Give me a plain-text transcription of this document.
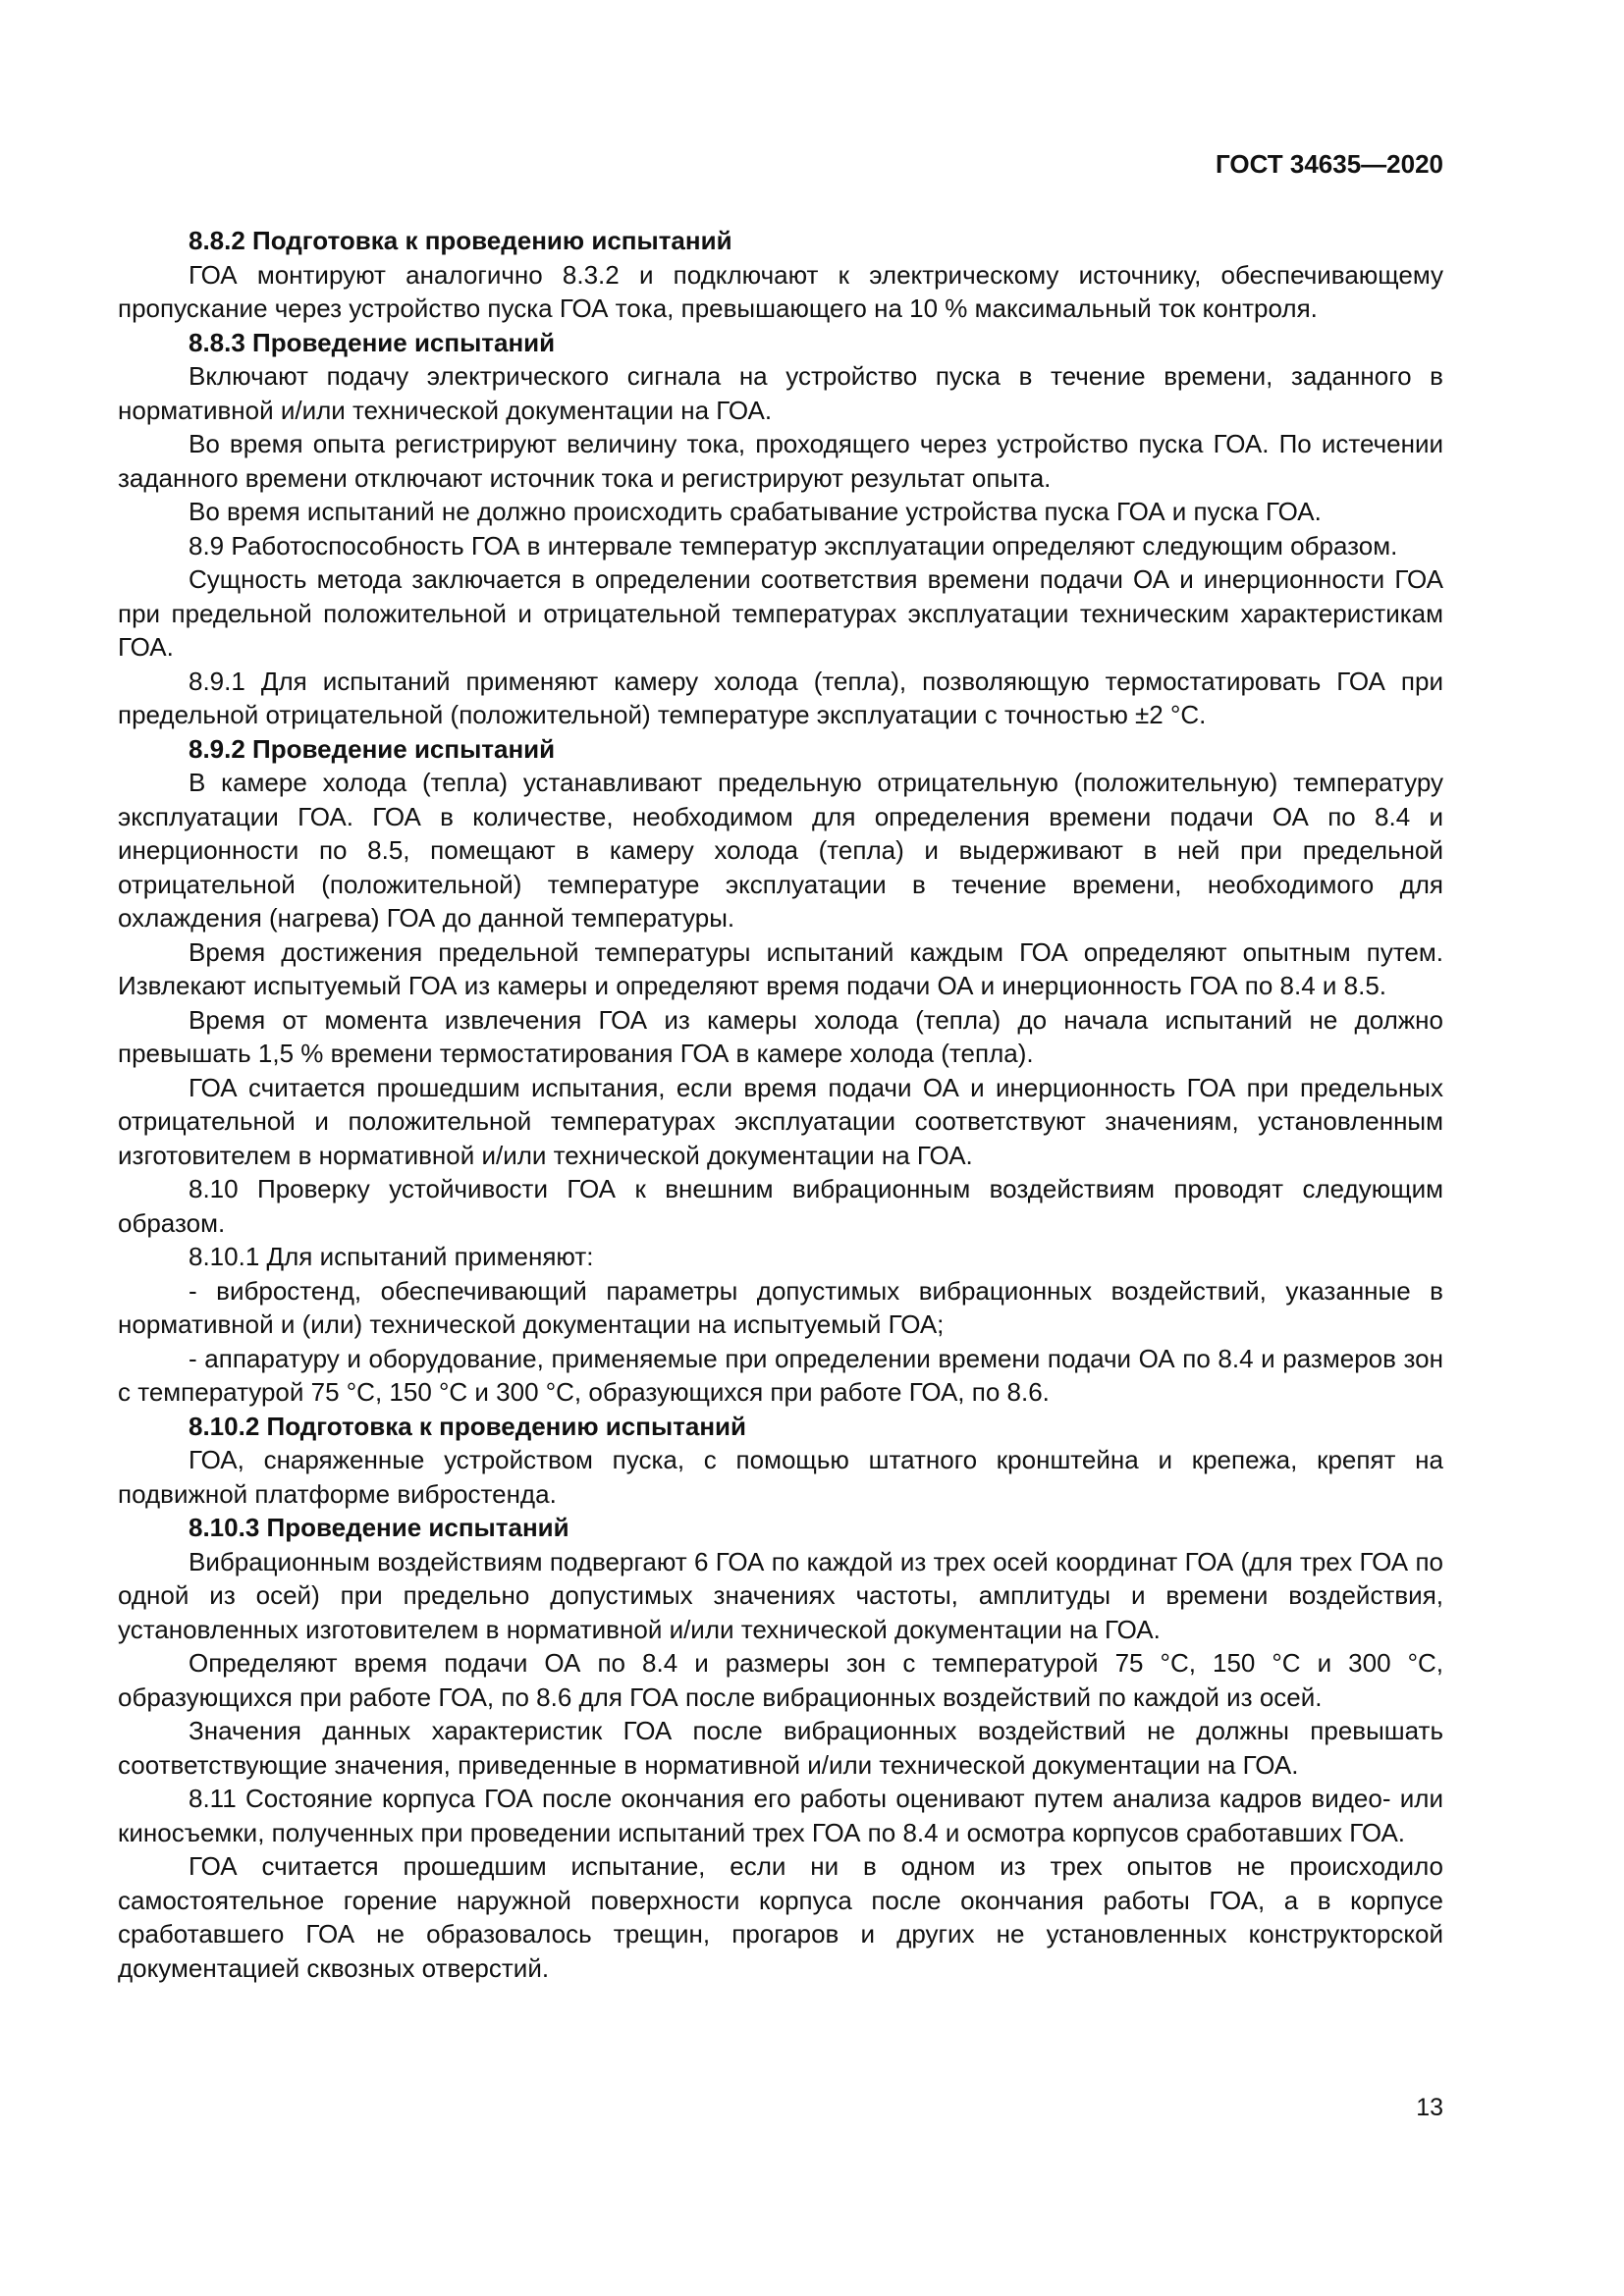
ГОСТ 34635—2020

8.8.2 Подготовка к проведению испытаний

ГОА монтируют аналогично 8.3.2 и подключают к электрическому источнику, обеспечивающему пропускание через устройство пуска ГОА тока, превышающего на 10 % максимальный ток контроля.

8.8.3 Проведение испытаний

Включают подачу электрического сигнала на устройство пуска в течение времени, заданного в нормативной и/или технической документации на ГОА.

Во время опыта регистрируют величину тока, проходящего через устройство пуска ГОА. По истечении заданного времени отключают источник тока и регистрируют результат опыта.

Во время испытаний не должно происходить срабатывание устройства пуска ГОА и пуска ГОА.

8.9 Работоспособность ГОА в интервале температур эксплуатации определяют следующим образом.

Сущность метода заключается в определении соответствия времени подачи ОА и инерционности ГОА при предельной положительной и отрицательной температурах эксплуатации техническим характеристикам ГОА.

8.9.1 Для испытаний применяют камеру холода (тепла), позволяющую термостатировать ГОА при предельной отрицательной (положительной) температуре эксплуатации с точностью ±2 °С.

8.9.2 Проведение испытаний

В камере холода (тепла) устанавливают предельную отрицательную (положительную) температуру эксплуатации ГОА. ГОА в количестве, необходимом для определения времени подачи ОА по 8.4 и инерционности по 8.5, помещают в камеру холода (тепла) и выдерживают в ней при предельной отрицательной (положительной) температуре эксплуатации в течение времени, необходимого для охлаждения (нагрева) ГОА до данной температуры.

Время достижения предельной температуры испытаний каждым ГОА определяют опытным путем. Извлекают испытуемый ГОА из камеры и определяют время подачи ОА и инерционность ГОА по 8.4 и 8.5.

Время от момента извлечения ГОА из камеры холода (тепла) до начала испытаний не должно превышать 1,5 % времени термостатирования ГОА в камере холода (тепла).

ГОА считается прошедшим испытания, если время подачи ОА и инерционность ГОА при предельных отрицательной и положительной температурах эксплуатации соответствуют значениям, установленным изготовителем в нормативной и/или технической документации на ГОА.

8.10 Проверку устойчивости ГОА к внешним вибрационным воздействиям проводят следующим образом.

8.10.1 Для испытаний применяют:

- вибростенд, обеспечивающий параметры допустимых вибрационных воздействий, указанные в нормативной и (или) технической документации на испытуемый ГОА;

- аппаратуру и оборудование, применяемые при определении времени подачи ОА по 8.4 и размеров зон с температурой 75 °С, 150 °С и 300 °С, образующихся при работе ГОА, по 8.6.

8.10.2 Подготовка к проведению испытаний

ГОА, снаряженные устройством пуска, с помощью штатного кронштейна и крепежа, крепят на подвижной платформе вибростенда.

8.10.3 Проведение испытаний

Вибрационным воздействиям подвергают 6 ГОА по каждой из трех осей координат ГОА (для трех ГОА по одной из осей) при предельно допустимых значениях частоты, амплитуды и времени воздействия, установленных изготовителем в нормативной и/или технической документации на ГОА.

Определяют время подачи ОА по 8.4 и размеры зон с температурой 75 °С, 150 °С и 300 °С, образующихся при работе ГОА, по 8.6 для ГОА после вибрационных воздействий по каждой из осей.

Значения данных характеристик ГОА после вибрационных воздействий не должны превышать соответствующие значения, приведенные в нормативной и/или технической документации на ГОА.

8.11 Состояние корпуса ГОА после окончания его работы оценивают путем анализа кадров видео- или киносъемки, полученных при проведении испытаний трех ГОА по 8.4 и осмотра корпусов сработавших ГОА.

ГОА считается прошедшим испытание, если ни в одном из трех опытов не происходило самостоятельное горение наружной поверхности корпуса после окончания работы ГОА, а в корпусе сработавшего ГОА не образовалось трещин, прогаров и других не установленных конструкторской документацией сквозных отверстий.

13
